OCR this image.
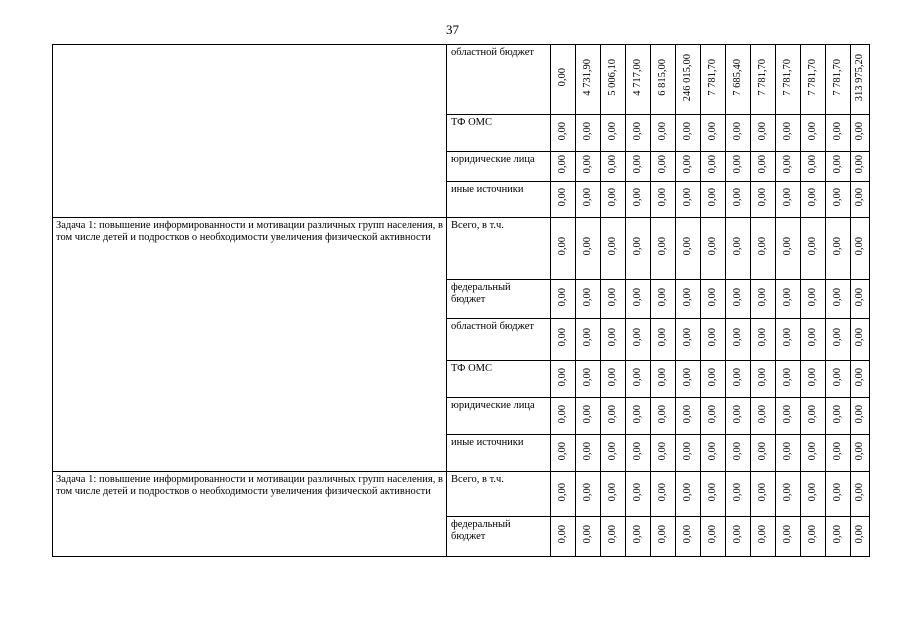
37
	областной бюджет	0,00	4 731,90	5 006,10	4 717,00	6 815,00	246 015,00	7 781,70	7 685,40	7 781,70	7 781,70	7 781,70	7 781,70	313 975,20
	ТФ ОМС	0,00	0,00	0,00	0,00	0,00	0,00	0,00	0,00	0,00	0,00	0,00	0,00	0,00
	юридические лица	0,00	0,00	0,00	0,00	0,00	0,00	0,00	0,00	0,00	0,00	0,00	0,00	0,00
	иные источники	0,00	0,00	0,00	0,00	0,00	0,00	0,00	0,00	0,00	0,00	0,00	0,00	0,00
Задача 1: повышение информированности и мотивации различных групп населения, в том числе детей и подростков о необходимости увеличения физической активности	Всего, в т.ч.	0,00	0,00	0,00	0,00	0,00	0,00	0,00	0,00	0,00	0,00	0,00	0,00	0,00
	федеральный бюджет	0,00	0,00	0,00	0,00	0,00	0,00	0,00	0,00	0,00	0,00	0,00	0,00	0,00
	областной бюджет	0,00	0,00	0,00	0,00	0,00	0,00	0,00	0,00	0,00	0,00	0,00	0,00	0,00
	ТФ ОМС	0,00	0,00	0,00	0,00	0,00	0,00	0,00	0,00	0,00	0,00	0,00	0,00	0,00
	юридические лица	0,00	0,00	0,00	0,00	0,00	0,00	0,00	0,00	0,00	0,00	0,00	0,00	0,00
	иные источники	0,00	0,00	0,00	0,00	0,00	0,00	0,00	0,00	0,00	0,00	0,00	0,00	0,00
Задача 1: повышение информированности и мотивации различных групп населения, в том числе детей и подростков о необходимости увеличения физической активности	Всего, в т.ч.	0,00	0,00	0,00	0,00	0,00	0,00	0,00	0,00	0,00	0,00	0,00	0,00	0,00
	федеральный бюджет	0,00	0,00	0,00	0,00	0,00	0,00	0,00	0,00	0,00	0,00	0,00	0,00	0,00
